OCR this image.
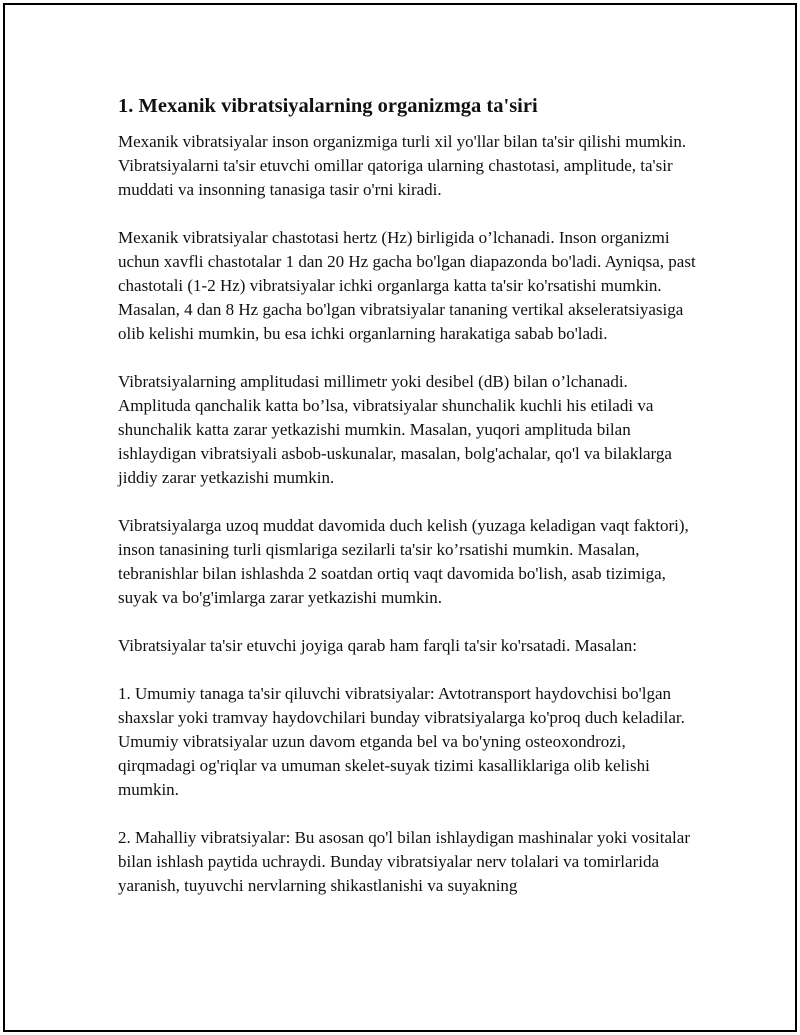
1. Mexanik vibratsiyalarning organizmga ta'siri

Mexanik vibratsiyalar inson organizmiga turli xil yo'llar bilan ta'sir qilishi mumkin. Vibratsiyalarni ta'sir etuvchi omillar qatoriga ularning chastotasi, amplitude, ta'sir muddati va insonning tanasiga tasir o'rni kiradi.

Mexanik vibratsiyalar chastotasi hertz (Hz) birligida o’lchanadi. Inson organizmi uchun xavfli chastotalar 1 dan 20 Hz gacha bo'lgan diapazonda bo'ladi. Ayniqsa, past chastotali (1-2 Hz) vibratsiyalar ichki organlarga katta ta'sir ko'rsatishi mumkin. Masalan, 4 dan 8 Hz gacha bo'lgan vibratsiyalar tananing vertikal akseleratsiyasiga olib kelishi mumkin, bu esa ichki organlarning harakatiga sabab bo'ladi.

Vibratsiyalarning amplitudasi millimetr yoki desibel (dB) bilan o’lchanadi. Amplituda qanchalik katta bo’lsa, vibratsiyalar shunchalik kuchli his etiladi va shunchalik katta zarar yetkazishi mumkin. Masalan, yuqori amplituda bilan ishlaydigan vibratsiyali asbob-uskunalar, masalan, bolg'achalar, qo'l va bilaklarga jiddiy zarar yetkazishi mumkin.

Vibratsiyalarga uzoq muddat davomida duch kelish (yuzaga keladigan vaqt faktori), inson tanasining turli qismlariga sezilarli ta'sir ko’rsatishi mumkin. Masalan, tebranishlar bilan ishlashda 2 soatdan ortiq vaqt davomida bo'lish, asab tizimiga, suyak va bo'g'imlarga zarar yetkazishi mumkin.

Vibratsiyalar ta'sir etuvchi joyiga qarab ham farqli ta'sir ko'rsatadi. Masalan:

1. Umumiy tanaga ta'sir qiluvchi vibratsiyalar: Avtotransport haydovchisi bo'lgan shaxslar yoki tramvay haydovchilari bunday vibratsiyalarga ko'proq duch keladilar. Umumiy vibratsiyalar uzun davom etganda bel va bo'yning osteoxondrozi, qirqmadagi og'riqlar va umuman skelet-suyak tizimi kasalliklariga olib kelishi mumkin.

2. Mahalliy vibratsiyalar: Bu asosan qo'l bilan ishlaydigan mashinalar yoki vositalar bilan ishlash paytida uchraydi. Bunday vibratsiyalar nerv tolalari va tomirlarida yaranish, tuyuvchi nervlarning shikastlanishi va suyakning
